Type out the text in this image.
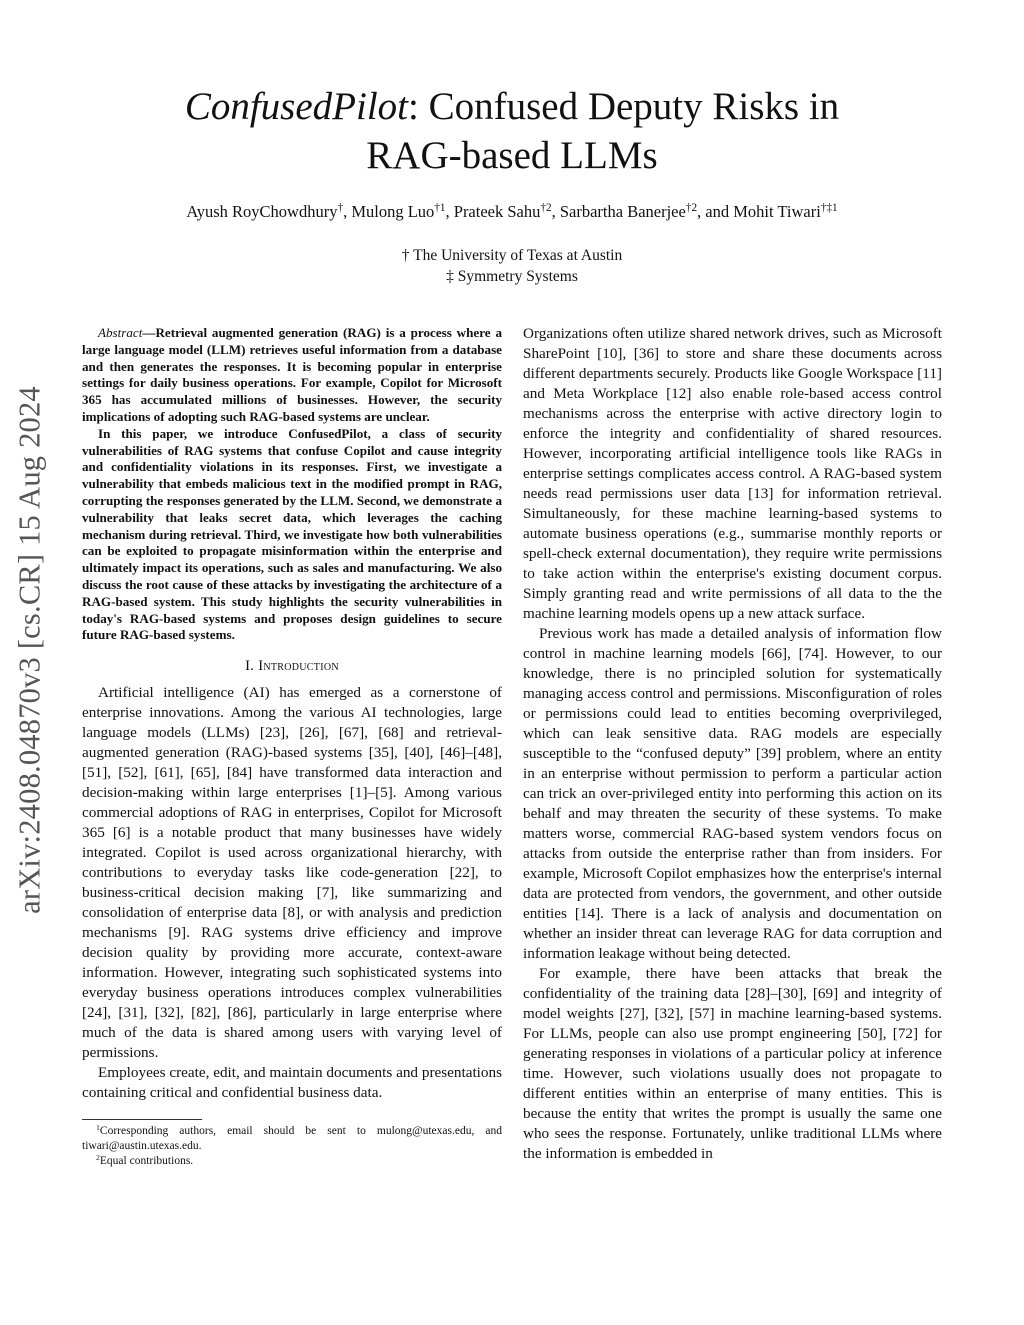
arXiv:2408.04870v3 [cs.CR] 15 Aug 2024
ConfusedPilot: Confused Deputy Risks in
RAG-based LLMs
Ayush RoyChowdhury†, Mulong Luo$^{\dagger 1}$, Prateek Sahu$^{\dagger 2}$, Sarbartha Banerjee$^{\dagger 2}$, and Mohit Tiwari$^{\dagger\ddagger 1}$
† The University of Texas at Austin
‡ Symmetry Systems

Abstract—Retrieval augmented generation (RAG) is a process where a large language model (LLM) retrieves useful information from a database and then generates the responses. It is becoming popular in enterprise settings for daily business operations. For example, Copilot for Microsoft 365 has accumulated millions of businesses. However, the security implications of adopting such RAG-based systems are unclear.

In this paper, we introduce ConfusedPilot, a class of security vulnerabilities of RAG systems that confuse Copilot and cause integrity and confidentiality violations in its responses. First, we investigate a vulnerability that embeds malicious text in the modified prompt in RAG, corrupting the responses generated by the LLM. Second, we demonstrate a vulnerability that leaks secret data, which leverages the caching mechanism during retrieval. Third, we investigate how both vulnerabilities can be exploited to propagate misinformation within the enterprise and ultimately impact its operations, such as sales and manufacturing. We also discuss the root cause of these attacks by investigating the architecture of a RAG-based system. This study highlights the security vulnerabilities in today's RAG-based systems and proposes design guidelines to secure future RAG-based systems.

I. Introduction

Artificial intelligence (AI) has emerged as a cornerstone of enterprise innovations. Among the various AI technologies, large language models (LLMs) [23], [26], [67], [68] and retrieval-augmented generation (RAG)-based systems [35], [40], [46]–[48], [51], [52], [61], [65], [84] have transformed data interaction and decision-making within large enterprises [1]–[5]. Among various commercial adoptions of RAG in enterprises, Copilot for Microsoft 365 [6] is a notable product that many businesses have widely integrated. Copilot is used across organizational hierarchy, with contributions to everyday tasks like code-generation [22], to business-critical decision making [7], like summarizing and consolidation of enterprise data [8], or with analysis and prediction mechanisms [9]. RAG systems drive efficiency and improve decision quality by providing more accurate, context-aware information. However, integrating such sophisticated systems into everyday business operations introduces complex vulnerabilities [24], [31], [32], [82], [86], particularly in large enterprise where much of the data is shared among users with varying level of permissions.

Employees create, edit, and maintain documents and presentations containing critical and confidential business data.

$^1$Corresponding authors, email should be sent to mulong@utexas.edu, and tiwari@austin.utexas.edu.

$^2$Equal contributions.

Organizations often utilize shared network drives, such as Microsoft SharePoint [10], [36] to store and share these documents across different departments securely. Products like Google Workspace [11] and Meta Workplace [12] also enable role-based access control mechanisms across the enterprise with active directory login to enforce the integrity and confidentiality of shared resources. However, incorporating artificial intelligence tools like RAGs in enterprise settings complicates access control. A RAG-based system needs read permissions user data [13] for information retrieval. Simultaneously, for these machine learning-based systems to automate business operations (e.g., summarise monthly reports or spell-check external documentation), they require write permissions to take action within the enterprise's existing document corpus. Simply granting read and write permissions of all data to the the machine learning models opens up a new attack surface.

Previous work has made a detailed analysis of information flow control in machine learning models [66], [74]. However, to our knowledge, there is no principled solution for systematically managing access control and permissions. Misconfiguration of roles or permissions could lead to entities becoming overprivileged, which can leak sensitive data. RAG models are especially susceptible to the “confused deputy” [39] problem, where an entity in an enterprise without permission to perform a particular action can trick an over-privileged entity into performing this action on its behalf and may threaten the security of these systems. To make matters worse, commercial RAG-based system vendors focus on attacks from outside the enterprise rather than from insiders. For example, Microsoft Copilot emphasizes how the enterprise's internal data are protected from vendors, the government, and other outside entities [14]. There is a lack of analysis and documentation on whether an insider threat can leverage RAG for data corruption and information leakage without being detected.

For example, there have been attacks that break the confidentiality of the training data [28]–[30], [69] and integrity of model weights [27], [32], [57] in machine learning-based systems. For LLMs, people can also use prompt engineering [50], [72] for generating responses in violations of a particular policy at inference time. However, such violations usually does not propagate to different entities within an enterprise of many entities. This is because the entity that writes the prompt is usually the same one who sees the response. Fortunately, unlike traditional LLMs where the information is embedded in
